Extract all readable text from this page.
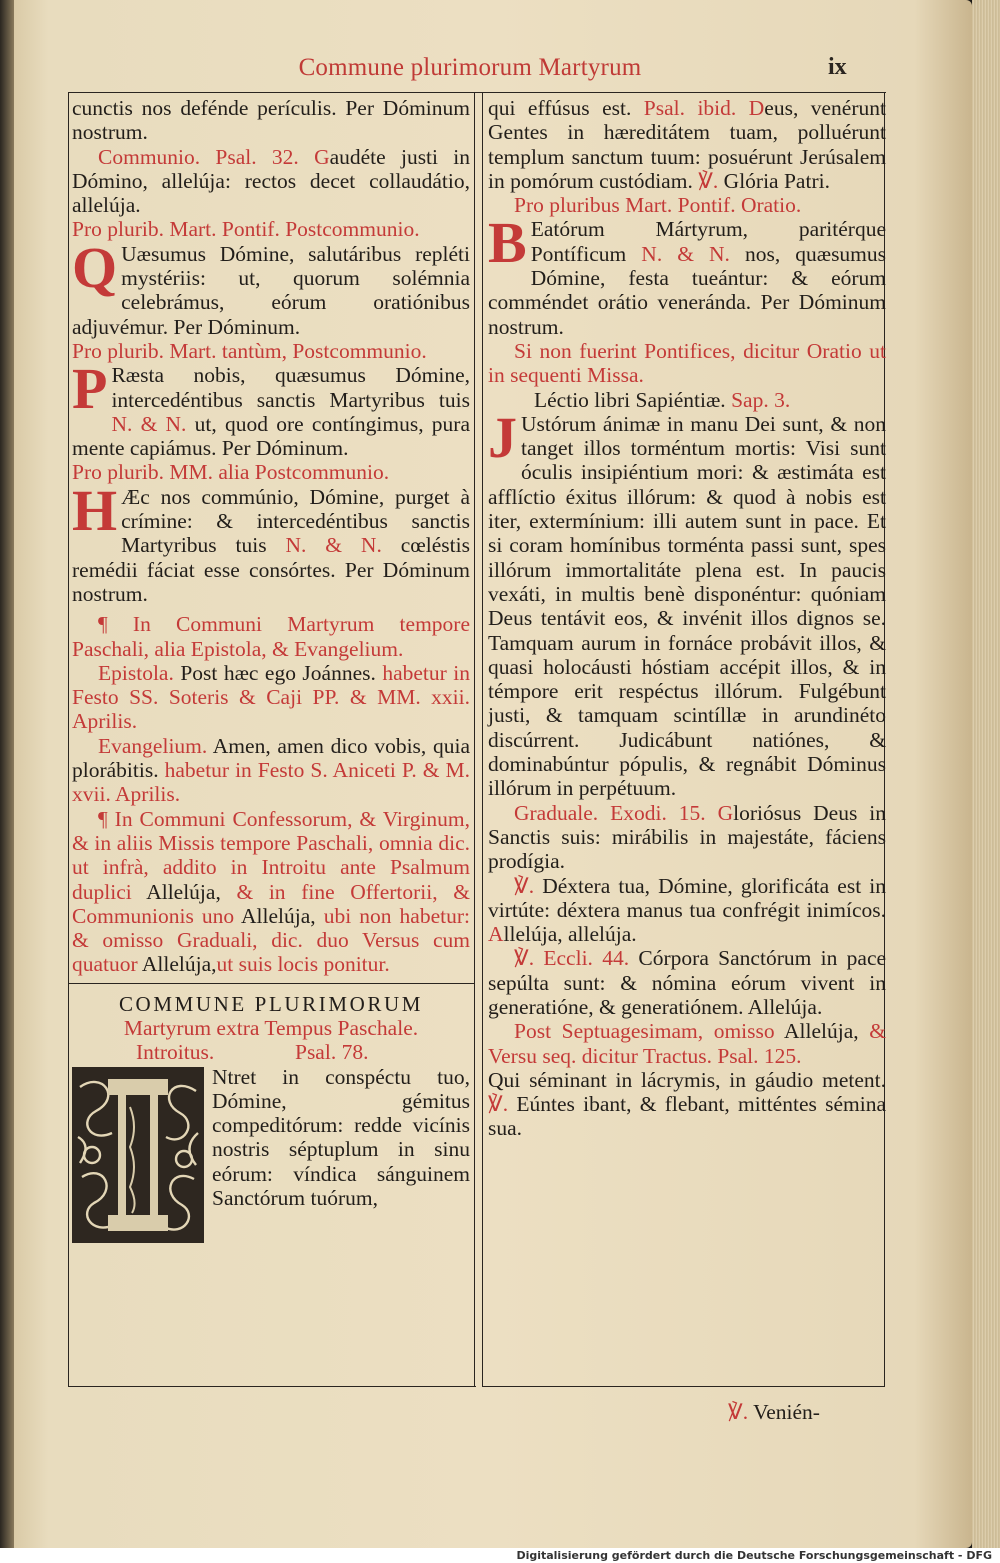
Commune plurimorum Martyrum	ix

cunctis nos defénde perículis. Per Dóminum nostrum.

Communio. Psal. 32. Gaudéte justi in Dómino, allelúja: rectos decet collaudátio, allelúja.

Pro plurib. Mart. Pontif. Postcommunio.

Q Uæsumus Dómine, salutáribus repléti mystériis: ut, quorum solémnia celebrámus, eórum oratiónibus adjuvémur. Per Dóminum.

Pro plurib. Mart. tantùm, Postcommunio.

P Ræsta nobis, quæsumus Dómine, intercedéntibus sanctis Martyribus tuis N. & N. ut, quod ore contíngimus, pura mente capiámus. Per Dóminum.

Pro plurib. MM. alia Postcommunio.

H Æc nos commúnio, Dómine, purget à crímine: & intercedéntibus sanctis Martyribus tuis N. & N. cœléstis remédii fáciat esse consórtes. Per Dóminum nostrum.

¶ In Communi Martyrum tempore Paschali, alia Epistola, & Evangelium.

Epistola. Post hæc ego Joánnes. habetur in Festo SS. Soteris & Caji PP. & MM. xxii. Aprilis.

Evangelium. Amen, amen dico vobis, quia plorábitis. habetur in Festo S. Aniceti P. & M. xvii. Aprilis.

¶ In Communi Confessorum, & Virginum, & in aliis Missis tempore Paschali, omnia dic. ut infrà, addito in Introitu ante Psalmum duplici Allelúja, & in fine Offertorii, & Communionis uno Allelúja, ubi non habetur: & omisso Graduali, dic. duo Versus cum quatuor Allelúja,ut suis locis ponitur.

COMMUNE PLURIMORUM

Martyrum extra Tempus Paschale.

Introitus.	Psal. 78.

Ntret in conspéctu tuo, Dómine, gémitus compeditórum: redde vicínis nostris séptuplum in sinu eórum: víndica sánguinem Sanctórum tuórum,

qui effúsus est. Psal. ibid. Deus, venérunt Gentes in hæreditátem tuam, polluérunt templum sanctum tuum: posuérunt Jerúsalem in pomórum custódiam. ℣. Glória Patri.

Pro pluribus Mart. Pontif. Oratio.

B Eatórum Mártyrum, paritérque Pontíficum N. & N. nos, quæsumus Dómine, festa tueántur: & eórum comméndet orátio veneránda. Per Dóminum nostrum.

Si non fuerint Pontifices, dicitur Oratio ut in sequenti Missa.

Léctio libri Sapiéntiæ. Sap. 3.

J Ustórum ánimæ in manu Dei sunt, & non tanget illos torméntum mortis: Visi sunt óculis insipiéntium mori: & æstimáta est afflíctio éxitus illórum: & quod à nobis est iter, extermínium: illi autem sunt in pace. Et si coram homínibus torménta passi sunt, spes illórum immortalitáte plena est. In paucis vexáti, in multis benè disponéntur: quóniam Deus tentávit eos, & invénit illos dignos se. Tamquam aurum in fornáce probávit illos, & quasi holocáusti hóstiam accépit illos, & in témpore erit respéctus illórum. Fulgébunt justi, & tamquam scintíllæ in arundinéto discúrrent. Judicábunt natiónes, & dominabúntur pópulis, & regnábit Dóminus illórum in perpétuum.

Graduale. Exodi. 15. Gloriósus Deus in Sanctis suis: mirábilis in majestáte, fáciens prodígia.

℣. Déxtera tua, Dómine, glorificáta est in virtúte: déxtera manus tua confrégit inimícos. Allelúja, allelúja.

℣. Eccli. 44. Córpora Sanctórum in pace sepúlta sunt: & nómina eórum vivent in generatióne, & generatiónem. Allelúja.

Post Septuagesimam, omisso Allelúja, & Versu seq. dicitur Tractus. Psal. 125.

Qui séminant in lácrymis, in gáudio metent. ℣. Eúntes ibant, & flebant, mitténtes sémina sua.

℣. Venién-
Digitalisierung gefördert durch die Deutsche Forschungsgemeinschaft - DFG
